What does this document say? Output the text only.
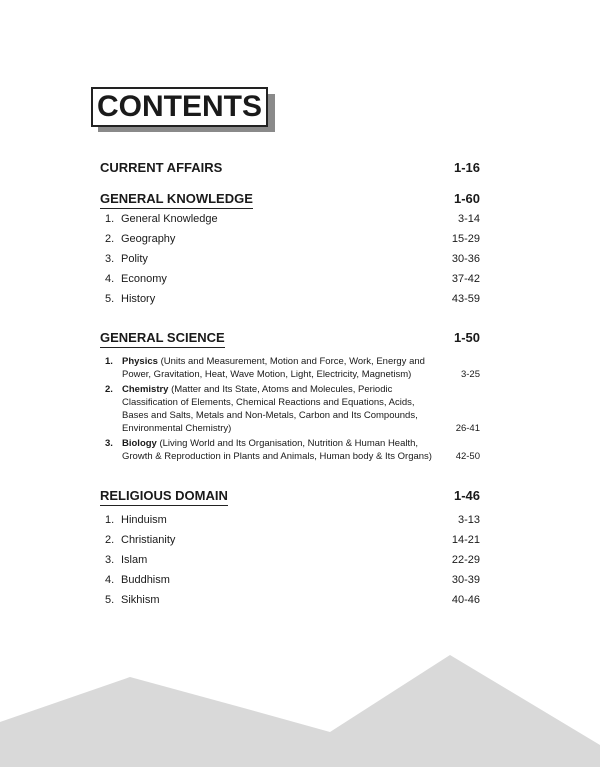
CONTENTS
CURRENT AFFAIRS	1-16
GENERAL KNOWLEDGE	1-60
1. General Knowledge	3-14
2. Geography	15-29
3. Polity	30-36
4. Economy	37-42
5. History	43-59
GENERAL SCIENCE	1-50
1. Physics (Units and Measurement, Motion and Force, Work, Energy and Power, Gravitation, Heat, Wave Motion, Light, Electricity, Magnetism)	3-25
2. Chemistry (Matter and Its State, Atoms and Molecules, Periodic Classification of Elements, Chemical Reactions and Equations, Acids, Bases and Salts, Metals and Non-Metals, Carbon and Its Compounds, Environmental Chemistry)	26-41
3. Biology (Living World and Its Organisation, Nutrition & Human Health, Growth & Reproduction in Plants and Animals, Human body & Its Organs)	42-50
RELIGIOUS DOMAIN	1-46
1. Hinduism	3-13
2. Christianity	14-21
3. Islam	22-29
4. Buddhism	30-39
5. Sikhism	40-46
